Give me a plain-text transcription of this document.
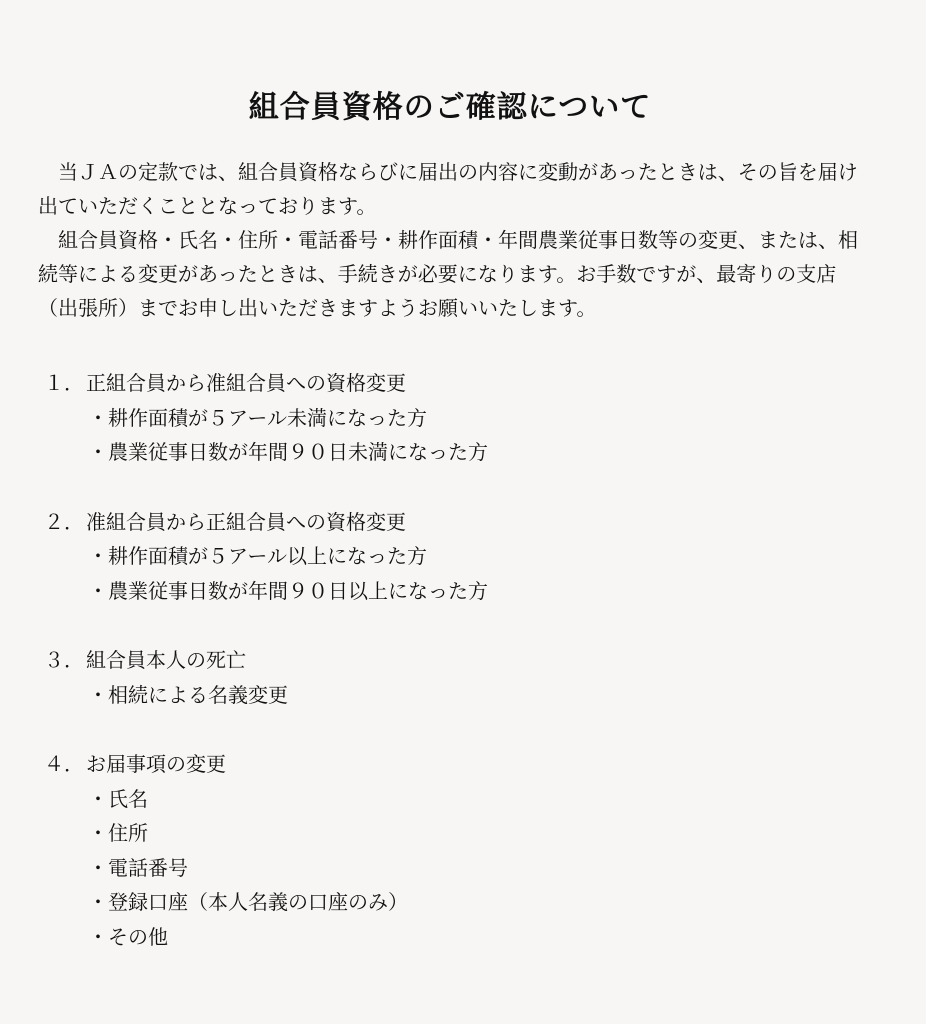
組合員資格のご確認について

当ＪＡの定款では、組合員資格ならびに届出の内容に変動があったときは、その旨を届け出ていただくこととなっております。

組合員資格・氏名・住所・電話番号・耕作面積・年間農業従事日数等の変更、または、相続等による変更があったときは、手続きが必要になります。お手数ですが、最寄りの支店（出張所）までお申し出いただきますようお願いいたします。

１． 正組合員から准組合員への資格変更
・耕作面積が５アール未満になった方
・農業従事日数が年間９０日未満になった方
２． 准組合員から正組合員への資格変更
・耕作面積が５アール以上になった方
・農業従事日数が年間９０日以上になった方
３． 組合員本人の死亡
・相続による名義変更
４． お届事項の変更
・氏名
・住所
・電話番号
・登録口座（本人名義の口座のみ）
・その他
